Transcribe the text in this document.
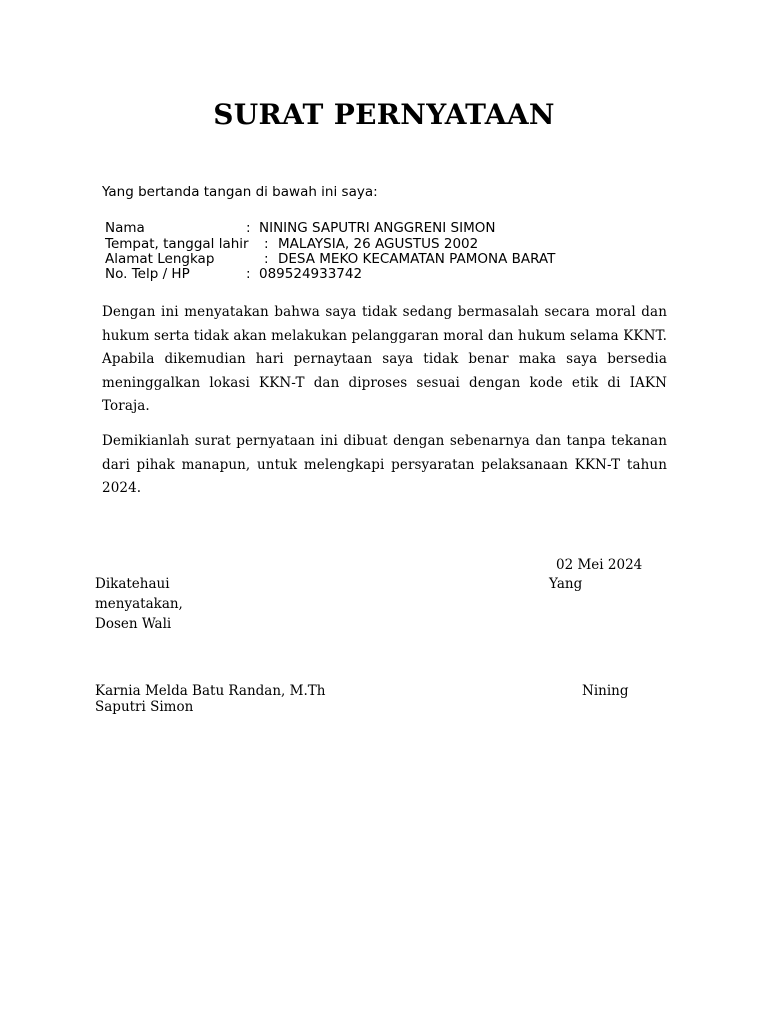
SURAT PERNYATAAN
Yang bertanda tangan di bawah ini saya:
Nama	: NINING SAPUTRI ANGGRENI SIMON
Tempat, tanggal lahir : MALAYSIA, 26 AGUSTUS 2002
Alamat Lengkap	: DESA MEKO KECAMATAN PAMONA BARAT
No. Telp / HP	: 089524933742
Dengan ini menyatakan bahwa saya tidak sedang bermasalah secara moral dan hukum serta tidak akan melakukan pelanggaran moral dan hukum selama KKNT. Apabila dikemudian hari pernaytaan saya tidak benar maka saya bersedia meninggalkan lokasi KKN-T dan diproses sesuai dengan kode etik di IAKN Toraja.
Demikianlah surat pernyataan ini dibuat dengan sebenarnya dan tanpa tekanan dari pihak manapun, untuk melengkapi persyaratan pelaksanaan KKN-T tahun 2024.
02 Mei 2024
Dikatehaui	Yang
menyatakan,
Dosen Wali
Karnia Melda Batu Randan, M.Th	Nining
Saputri Simon
